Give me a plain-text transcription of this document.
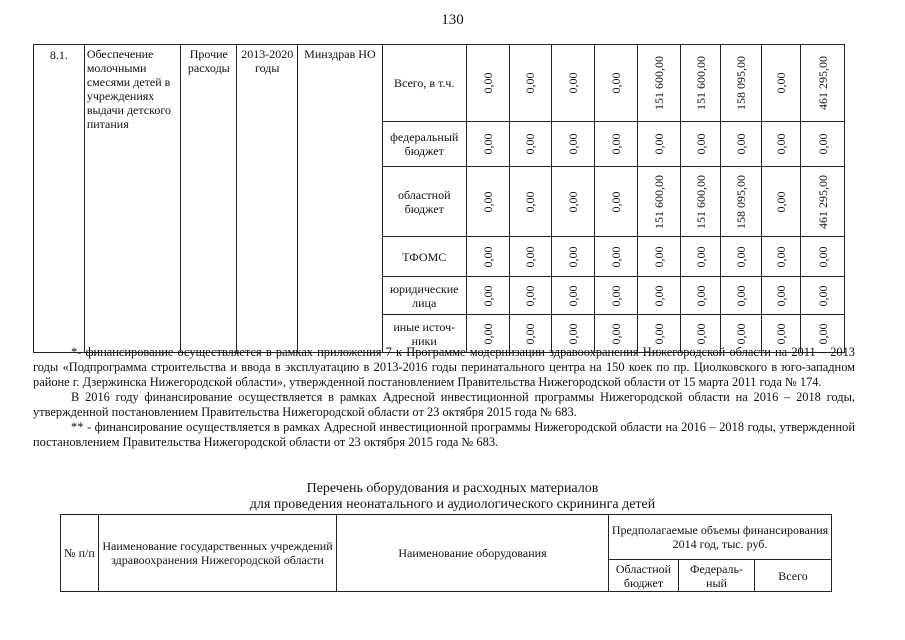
130
8.1.	Обеспечение молочными смесями детей в учреждениях выдачи детского питания	Прочие расходы	2013-2020 годы	Минздрав НО	Всего, в т.ч.	0,00	0,00	0,00	0,00	151 600,00	151 600,00	158 095,00	0,00	461 295,00

					федеральный бюджет	0,00	0,00	0,00	0,00	0,00	0,00	0,00	0,00	0,00

					областной бюджет	0,00	0,00	0,00	0,00	151 600,00	151 600,00	158 095,00	0,00	461 295,00

					ТФОМС	0,00	0,00	0,00	0,00	0,00	0,00	0,00	0,00	0,00

					юридические лица	0,00	0,00	0,00	0,00	0,00	0,00	0,00	0,00	0,00

					иные источ-ники	0,00	0,00	0,00	0,00	0,00	0,00	0,00	0,00	0,00

*- финансирование осуществляется в рамках приложения 7 к Программе модернизации здравоохранения Нижегородской области на 2011 – 2013 годы «Подпрограмма строительства и ввода в эксплуатацию в 2013-2016 годы перинатального центра на 150 коек по пр. Циолковского в юго-западном районе г. Дзержинска Нижегородской области», утвержденной постановлением Правительства Нижегородской области от 15 марта 2011 года № 174.

В 2016 году финансирование осуществляется в рамках Адресной инвестиционной программы Нижегородской области на 2016 – 2018 годы, утвержденной постановлением Правительства Нижегородской области от 23 октября 2015 года № 683.

** - финансирование осуществляется в рамках Адресной инвестиционной программы Нижегородской области на 2016 – 2018 годы, утвержденной постановлением Правительства Нижегородской области от 23 октября 2015 года № 683.

Перечень оборудования и расходных материалов
для проведения неонатального и аудиологического скрининга детей
№ п/п	Наименование государственных учреждений здравоохранения Нижегородской области	Наименование оборудования	Предполагаемые объемы финансирования 2014 год, тыс. руб.		
			Областной бюджет	Федераль-ный	Всего
